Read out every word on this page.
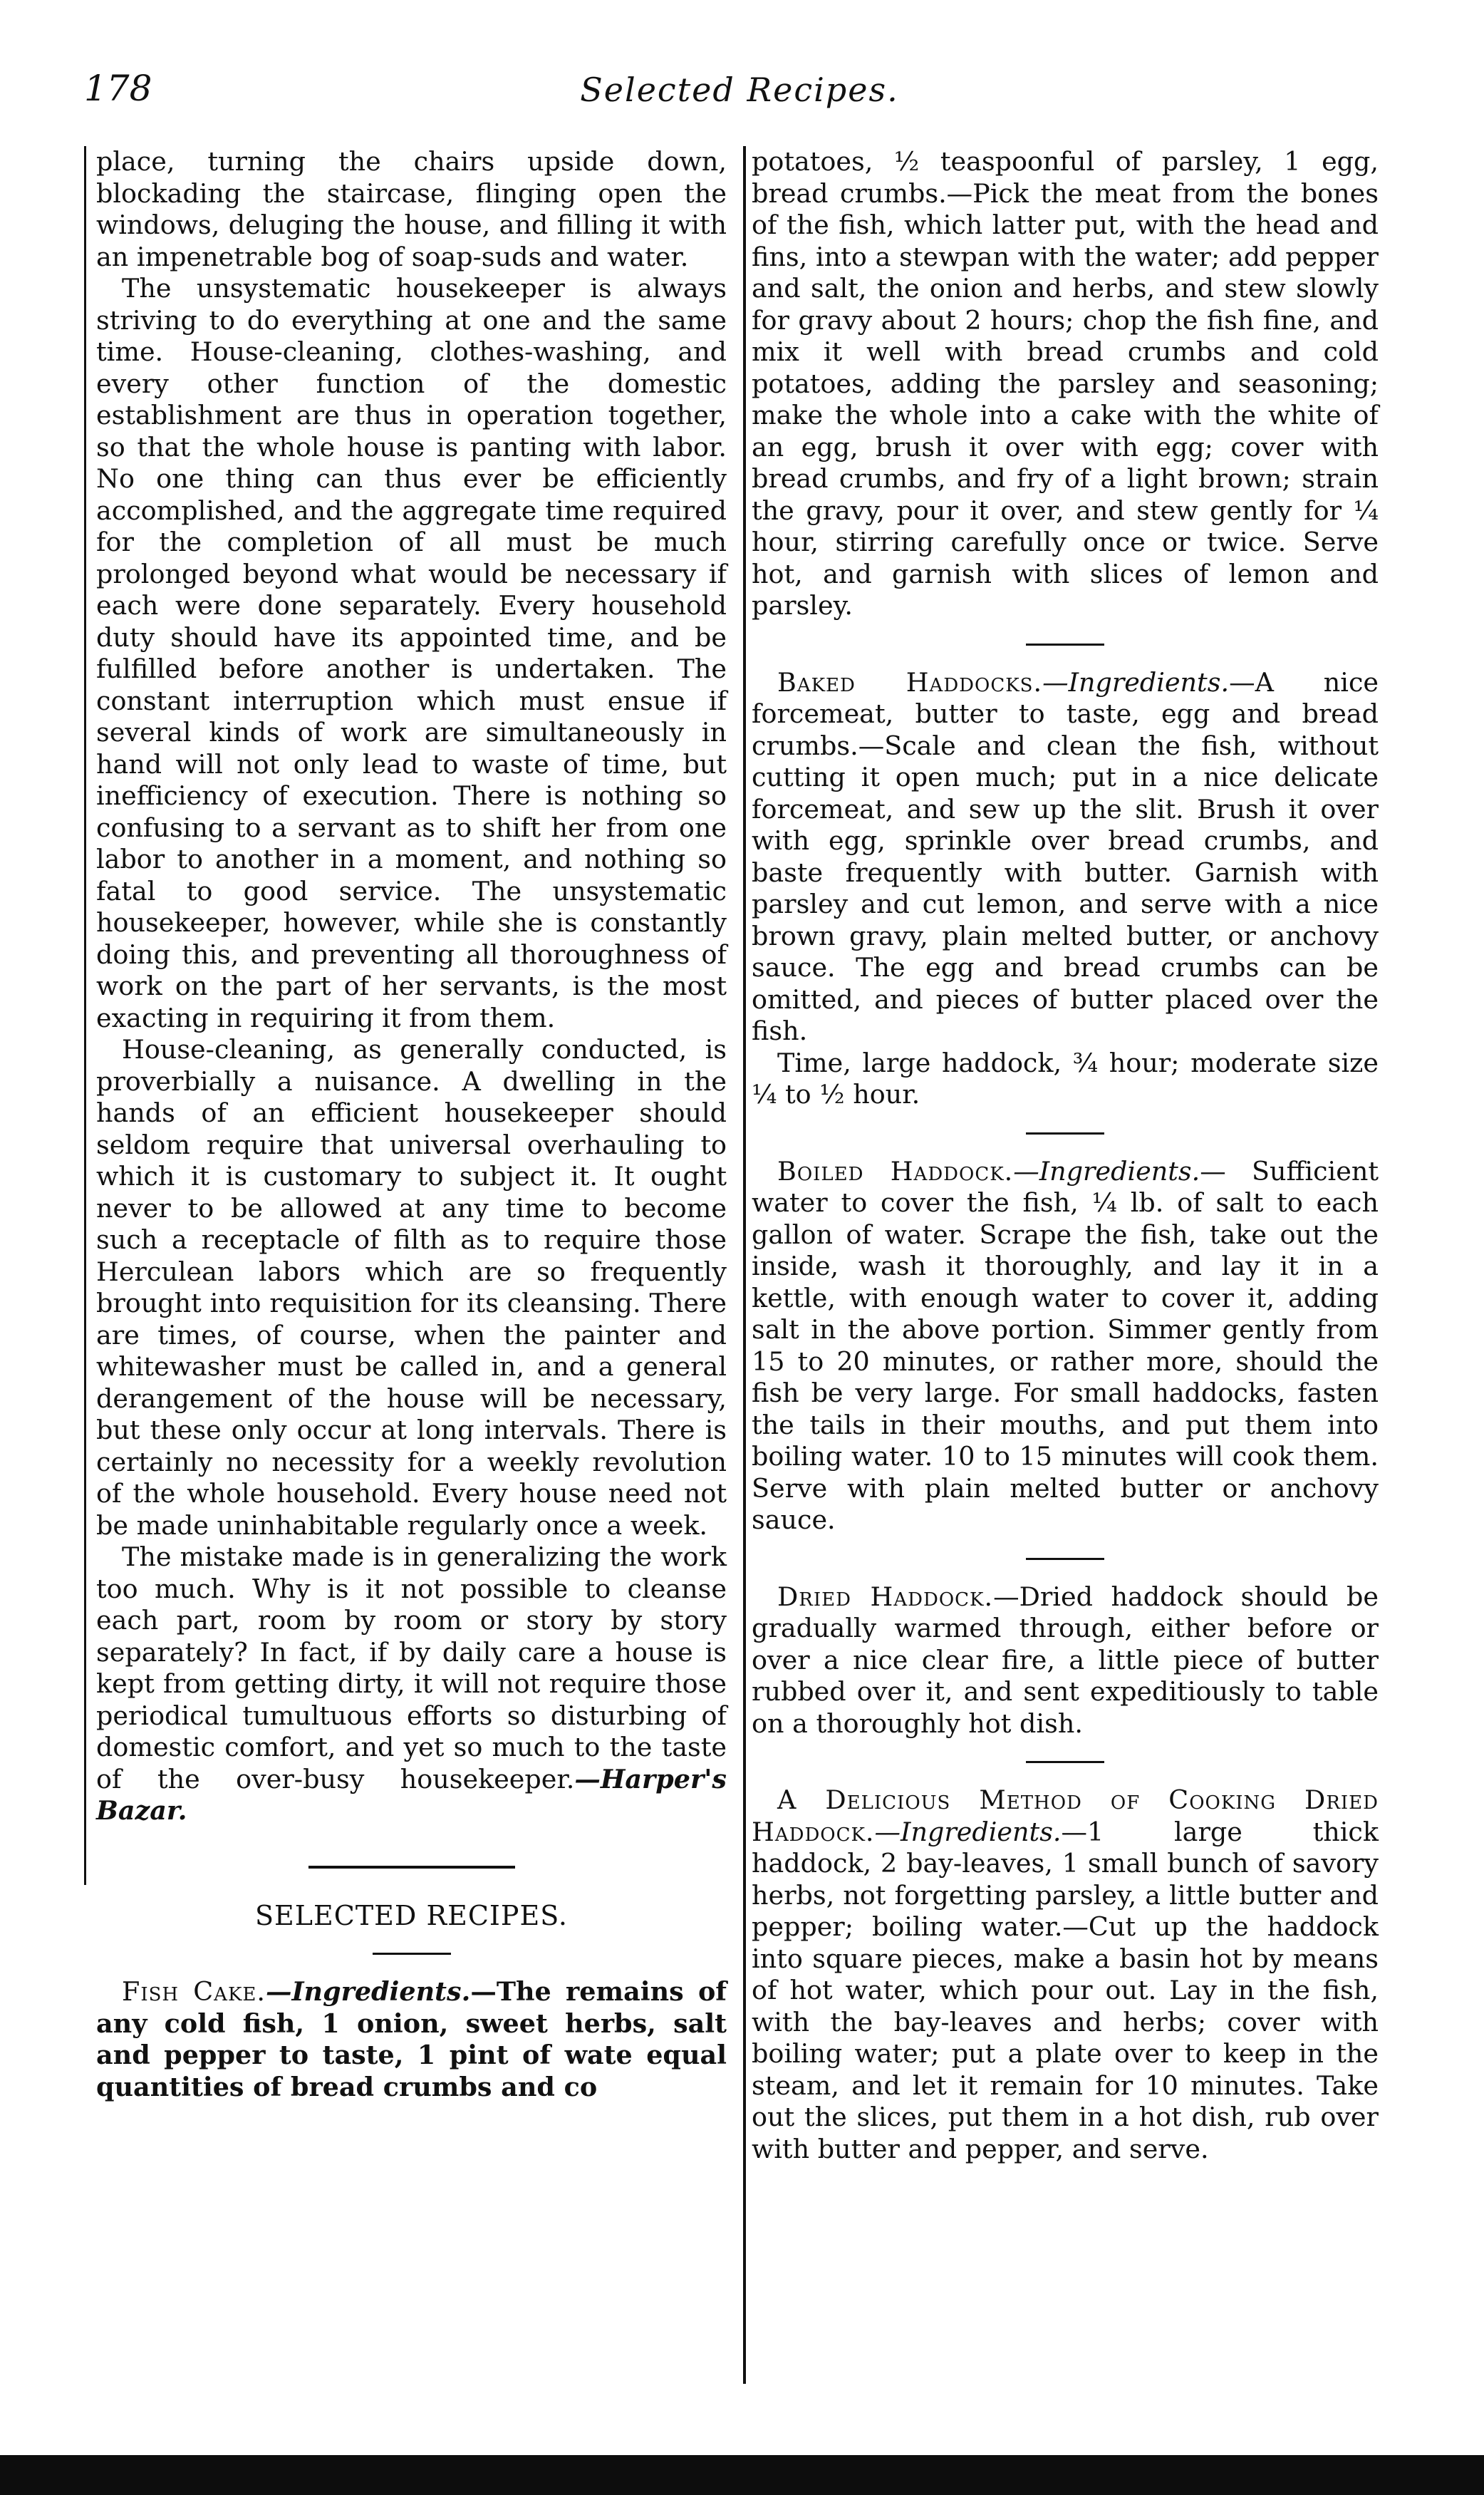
178	Selected Recipes.

place, turning the chairs upside down, blockading the staircase, flinging open the windows, deluging the house, and filling it with an impenetrable bog of soap-suds and water.

The unsystematic housekeeper is always striving to do everything at one and the same time. House-cleaning, clothes-washing, and every other function of the domestic establishment are thus in operation together, so that the whole house is panting with labor. No one thing can thus ever be efficiently accomplished, and the aggregate time required for the completion of all must be much prolonged beyond what would be necessary if each were done separately. Every household duty should have its appointed time, and be fulfilled before another is undertaken. The constant interruption which must ensue if several kinds of work are simultaneously in hand will not only lead to waste of time, but inefficiency of execution. There is nothing so confusing to a servant as to shift her from one labor to another in a moment, and nothing so fatal to good service. The unsystematic housekeeper, however, while she is constantly doing this, and preventing all thoroughness of work on the part of her servants, is the most exacting in requiring it from them.

House-cleaning, as generally conducted, is proverbially a nuisance. A dwelling in the hands of an efficient housekeeper should seldom require that universal overhauling to which it is customary to subject it. It ought never to be allowed at any time to become such a receptacle of filth as to require those Herculean labors which are so frequently brought into requisition for its cleansing. There are times, of course, when the painter and whitewasher must be called in, and a general derangement of the house will be necessary, but these only occur at long intervals. There is certainly no necessity for a weekly revolution of the whole household. Every house need not be made uninhabitable regularly once a week.

The mistake made is in generalizing the work too much. Why is it not possible to cleanse each part, room by room or story by story separately? In fact, if by daily care a house is kept from getting dirty, it will not require those periodical tumultuous efforts so disturbing of domestic comfort, and yet so much to the taste of the over-busy housekeeper.—Harper's Bazar.

SELECTED RECIPES.

Fish Cake.—Ingredients.—The remains of any cold fish, 1 onion, sweet herbs, salt and pepper to taste, 1 pint of wate equal quantities of bread crumbs and co

potatoes, ½ teaspoonful of parsley, 1 egg, bread crumbs.—Pick the meat from the bones of the fish, which latter put, with the head and fins, into a stewpan with the water; add pepper and salt, the onion and herbs, and stew slowly for gravy about 2 hours; chop the fish fine, and mix it well with bread crumbs and cold potatoes, adding the parsley and seasoning; make the whole into a cake with the white of an egg, brush it over with egg; cover with bread crumbs, and fry of a light brown; strain the gravy, pour it over, and stew gently for ¼ hour, stirring carefully once or twice. Serve hot, and garnish with slices of lemon and parsley.

Baked Haddocks.—Ingredients.—A nice forcemeat, butter to taste, egg and bread crumbs.—Scale and clean the fish, without cutting it open much; put in a nice delicate forcemeat, and sew up the slit. Brush it over with egg, sprinkle over bread crumbs, and baste frequently with butter. Garnish with parsley and cut lemon, and serve with a nice brown gravy, plain melted butter, or anchovy sauce. The egg and bread crumbs can be omitted, and pieces of butter placed over the fish.

Time, large haddock, ¾ hour; moderate size ¼ to ½ hour.

Boiled Haddock.—Ingredients.— Sufficient water to cover the fish, ¼ lb. of salt to each gallon of water. Scrape the fish, take out the inside, wash it thoroughly, and lay it in a kettle, with enough water to cover it, adding salt in the above portion. Simmer gently from 15 to 20 minutes, or rather more, should the fish be very large. For small haddocks, fasten the tails in their mouths, and put them into boiling water. 10 to 15 minutes will cook them. Serve with plain melted butter or anchovy sauce.

Dried Haddock.—Dried haddock should be gradually warmed through, either before or over a nice clear fire, a little piece of butter rubbed over it, and sent expeditiously to table on a thoroughly hot dish.

A Delicious Method of Cooking Dried Haddock.—Ingredients.—1 large thick haddock, 2 bay-leaves, 1 small bunch of savory herbs, not forgetting parsley, a little butter and pepper; boiling water.—Cut up the haddock into square pieces, make a basin hot by means of hot water, which pour out. Lay in the fish, with the bay-leaves and herbs; cover with boiling water; put a plate over to keep in the steam, and let it remain for 10 minutes. Take out the slices, put them in a hot dish, rub over with butter and pepper, and serve.
